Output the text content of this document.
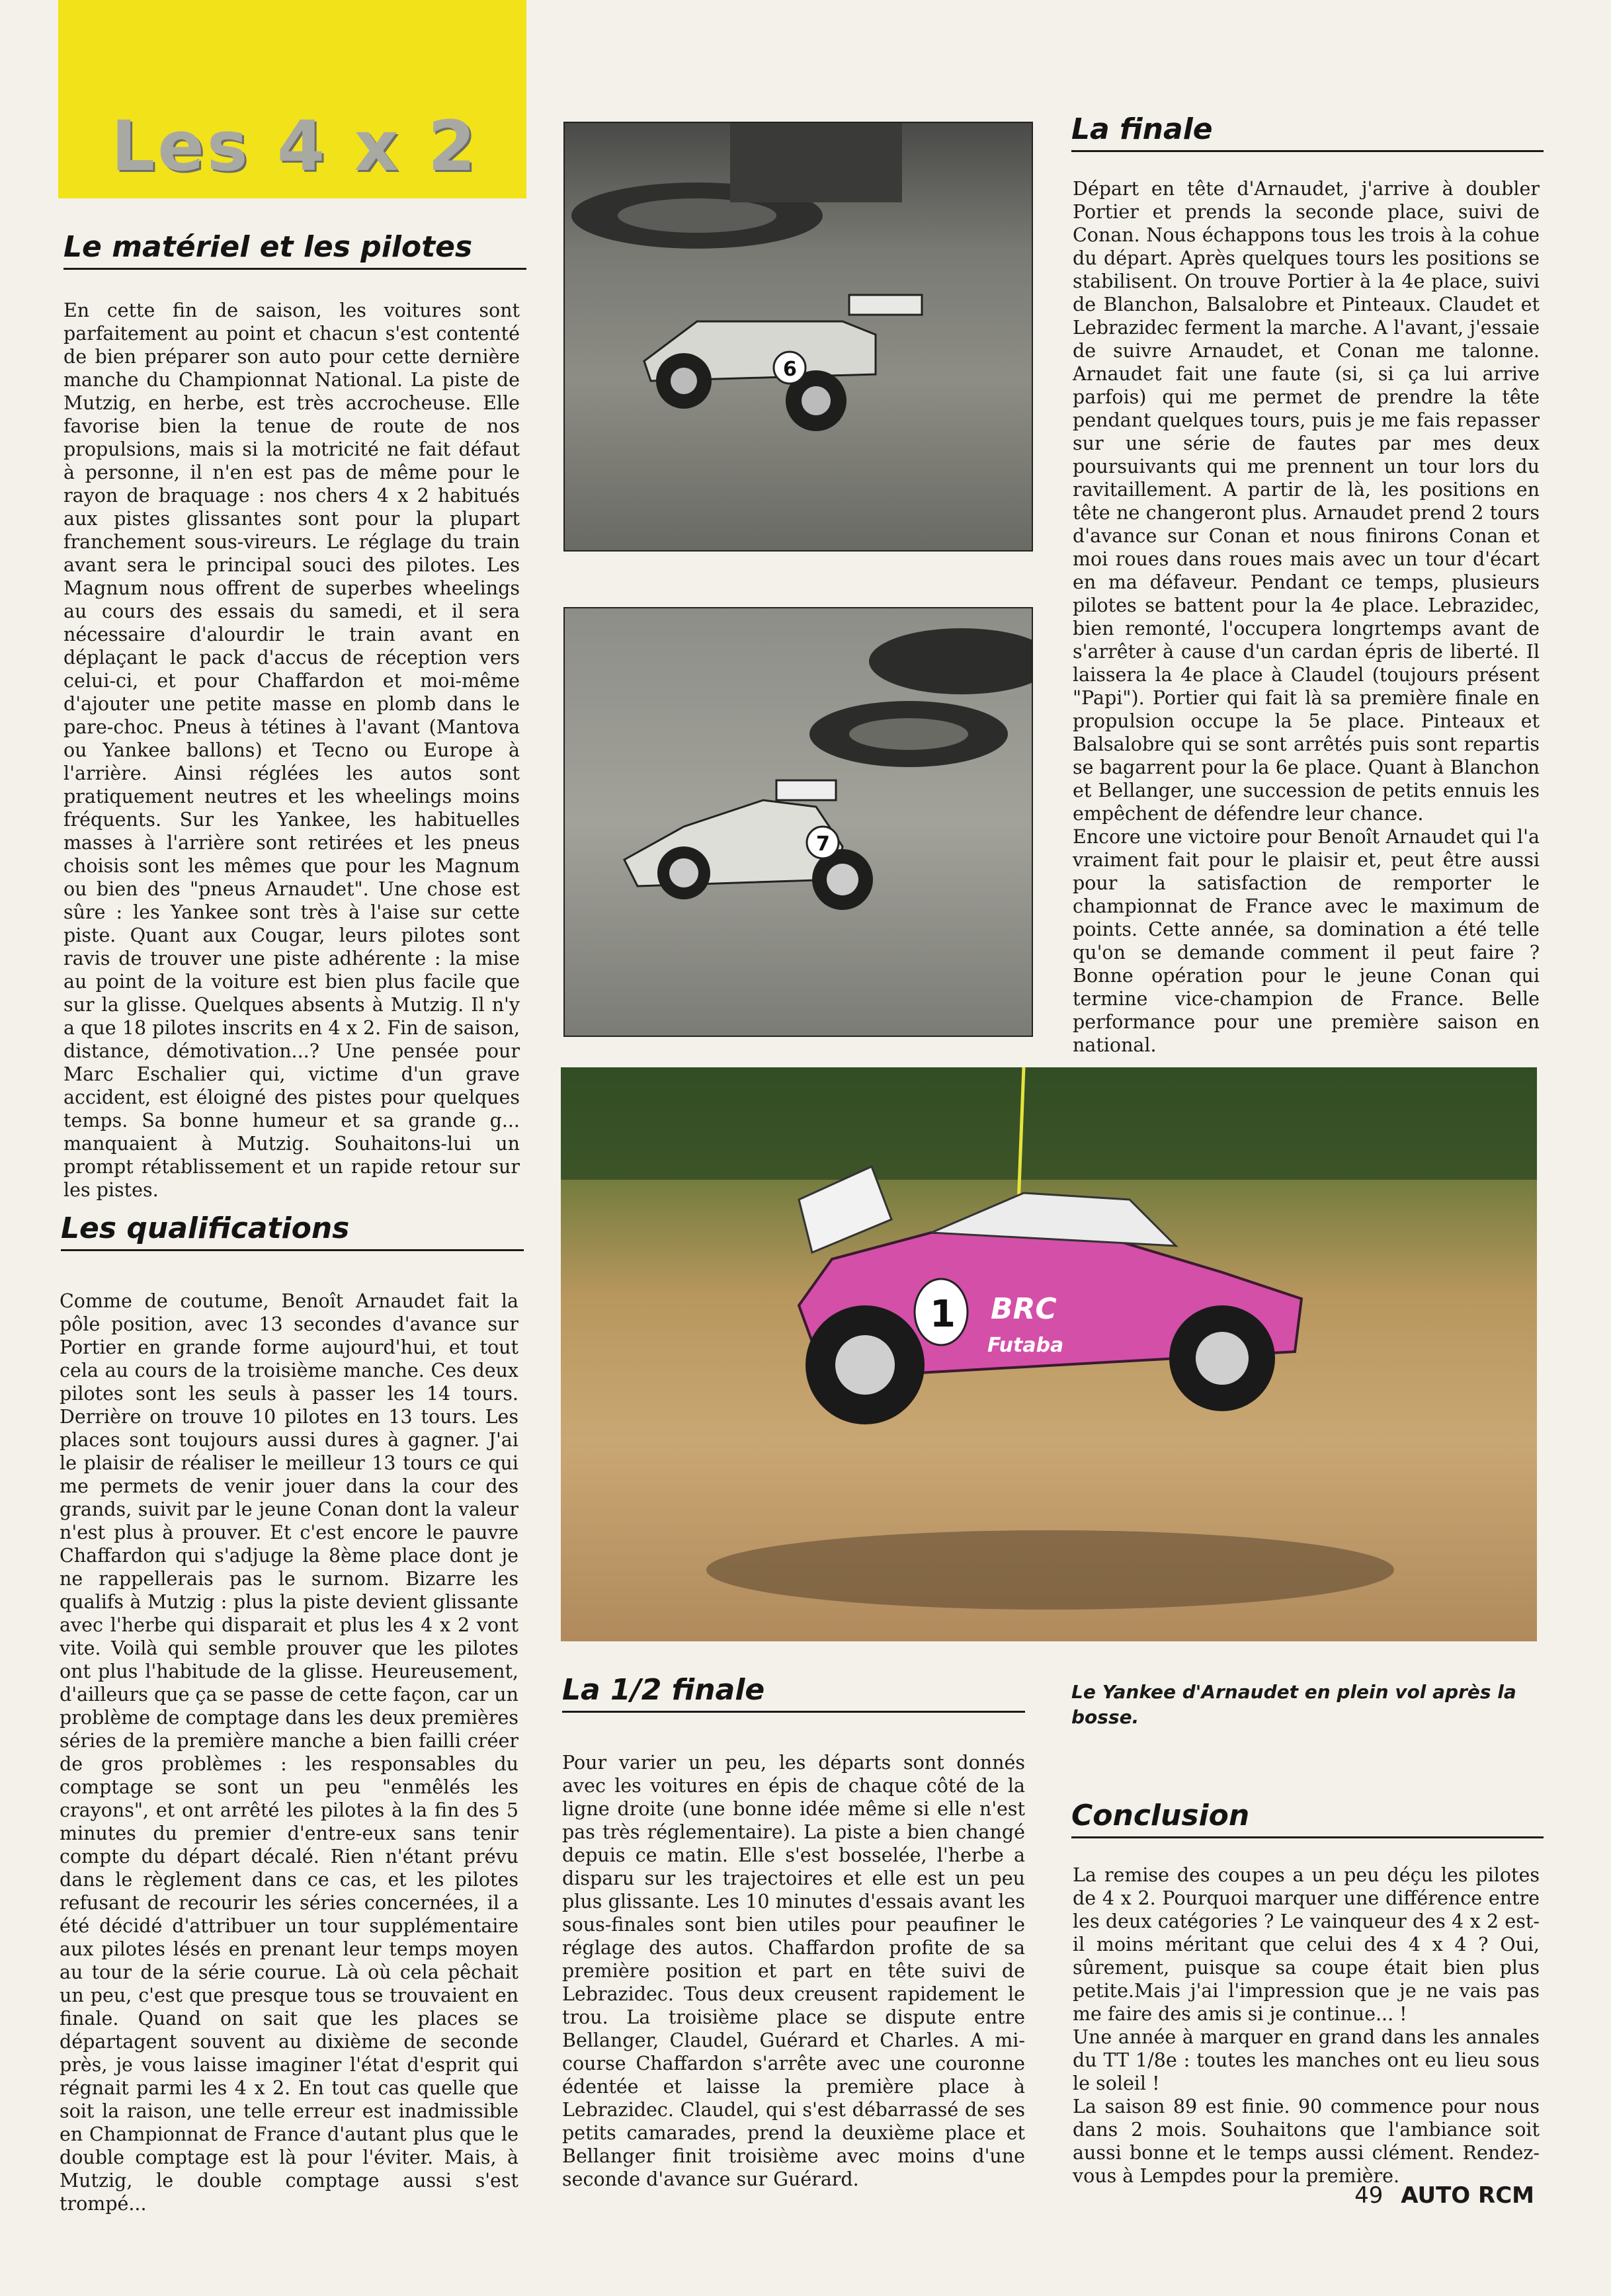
Les 4 x 2
Le matériel et les pilotes

En cette fin de saison, les voitures sont parfaitement au point et chacun s'est contenté de bien préparer son auto pour cette dernière manche du Championnat National. La piste de Mutzig, en herbe, est très accrocheuse. Elle favorise bien la tenue de route de nos propulsions, mais si la motricité ne fait défaut à personne, il n'en est pas de même pour le rayon de braquage : nos chers 4 x 2 habitués aux pistes glissantes sont pour la plupart franchement sous-vireurs. Le réglage du train avant sera le principal souci des pilotes. Les Magnum nous offrent de superbes wheelings au cours des essais du samedi, et il sera nécessaire d'alourdir le train avant en déplaçant le pack d'accus de réception vers celui-ci, et pour Chaffardon et moi-même d'ajouter une petite masse en plomb dans le pare-choc. Pneus à tétines à l'avant (Mantova ou Yankee ballons) et Tecno ou Europe à l'arrière. Ainsi réglées les autos sont pratiquement neutres et les wheelings moins fréquents. Sur les Yankee, les habituelles masses à l'arrière sont retirées et les pneus choisis sont les mêmes que pour les Magnum ou bien des "pneus Arnaudet". Une chose est sûre : les Yankee sont très à l'aise sur cette piste. Quant aux Cougar, leurs pilotes sont ravis de trouver une piste adhérente : la mise au point de la voiture est bien plus facile que sur la glisse. Quelques absents à Mutzig. Il n'y a que 18 pilotes inscrits en 4 x 2. Fin de saison, distance, démotivation...? Une pensée pour Marc Eschalier qui, victime d'un grave accident, est éloigné des pistes pour quelques temps. Sa bonne humeur et sa grande g... manquaient à Mutzig. Souhaitons-lui un prompt rétablissement et un rapide retour sur les pistes.

Les qualifications

Comme de coutume, Benoît Arnaudet fait la pôle position, avec 13 secondes d'avance sur Portier en grande forme aujourd'hui, et tout cela au cours de la troisième manche. Ces deux pilotes sont les seuls à passer les 14 tours. Derrière on trouve 10 pilotes en 13 tours. Les places sont toujours aussi dures à gagner. J'ai le plaisir de réaliser le meilleur 13 tours ce qui me permets de venir jouer dans la cour des grands, suivit par le jeune Conan dont la valeur n'est plus à prouver. Et c'est encore le pauvre Chaffardon qui s'adjuge la 8ème place dont je ne rappellerais pas le surnom. Bizarre les qualifs à Mutzig : plus la piste devient glissante avec l'herbe qui disparait et plus les 4 x 2 vont vite. Voilà qui semble prouver que les pilotes ont plus l'habitude de la glisse. Heureusement, d'ailleurs que ça se passe de cette façon, car un problème de comptage dans les deux premières séries de la première manche a bien failli créer de gros problèmes : les responsables du comptage se sont un peu "enmêlés les crayons", et ont arrêté les pilotes à la fin des 5 minutes du premier d'entre-eux sans tenir compte du départ décalé. Rien n'étant prévu dans le règlement dans ce cas, et les pilotes refusant de recourir les séries concernées, il a été décidé d'attribuer un tour supplémentaire aux pilotes lésés en prenant leur temps moyen au tour de la série courue. Là où cela pêchait un peu, c'est que presque tous se trouvaient en finale. Quand on sait que les places se départagent souvent au dixième de seconde près, je vous laisse imaginer l'état d'esprit qui régnait parmi les 4 x 2. En tout cas quelle que soit la raison, une telle erreur est inadmissible en Championnat de France d'autant plus que le double comptage est là pour l'éviter. Mais, à Mutzig, le double comptage aussi s'est trompé...

6
7
La finale

Départ en tête d'Arnaudet, j'arrive à doubler Portier et prends la seconde place, suivi de Conan. Nous échappons tous les trois à la cohue du départ. Après quelques tours les positions se stabilisent. On trouve Portier à la 4e place, suivi de Blanchon, Balsalobre et Pinteaux. Claudet et Lebrazidec ferment la marche. A l'avant, j'essaie de suivre Arnaudet, et Conan me talonne. Arnaudet fait une faute (si, si ça lui arrive parfois) qui me permet de prendre la tête pendant quelques tours, puis je me fais repasser sur une série de fautes par mes deux poursuivants qui me prennent un tour lors du ravitaillement. A partir de là, les positions en tête ne changeront plus. Arnaudet prend 2 tours d'avance sur Conan et nous finirons Conan et moi roues dans roues mais avec un tour d'écart en ma défaveur. Pendant ce temps, plusieurs pilotes se battent pour la 4e place. Lebrazidec, bien remonté, l'occupera longrtemps avant de s'arrêter à cause d'un cardan épris de liberté. Il laissera la 4e place à Claudel (toujours présent "Papi"). Portier qui fait là sa première finale en propulsion occupe la 5e place. Pinteaux et Balsalobre qui se sont arrêtés puis sont repartis se bagarrent pour la 6e place. Quant à Blanchon et Bellanger, une succession de petits ennuis les empêchent de défendre leur chance.

Encore une victoire pour Benoît Arnaudet qui l'a vraiment fait pour le plaisir et, peut être aussi pour la satisfaction de remporter le championnat de France avec le maximum de points. Cette année, sa domination a été telle qu'on se demande comment il peut faire ? Bonne opération pour le jeune Conan qui termine vice-champion de France. Belle performance pour une première saison en national.

1 BRC
Futaba
La 1/2 finale

Pour varier un peu, les départs sont donnés avec les voitures en épis de chaque côté de la ligne droite (une bonne idée même si elle n'est pas très réglementaire). La piste a bien changé depuis ce matin. Elle s'est bosselée, l'herbe a disparu sur les trajectoires et elle est un peu plus glissante. Les 10 minutes d'essais avant les sous-finales sont bien utiles pour peaufiner le réglage des autos. Chaffardon profite de sa première position et part en tête suivi de Lebrazidec. Tous deux creusent rapidement le trou. La troisième place se dispute entre Bellanger, Claudel, Guérard et Charles. A mi-course Chaffardon s'arrête avec une couronne édentée et laisse la première place à Lebrazidec. Claudel, qui s'est débarrassé de ses petits camarades, prend la deuxième place et Bellanger finit troisième avec moins d'une seconde d'avance sur Guérard.

Le Yankee d'Arnaudet en plein vol après la bosse.
Conclusion

La remise des coupes a un peu déçu les pilotes de 4 x 2. Pourquoi marquer une différence entre les deux catégories ? Le vainqueur des 4 x 2 est-il moins méritant que celui des 4 x 4 ? Oui, sûrement, puisque sa coupe était bien plus petite.Mais j'ai l'impression que je ne vais pas me faire des amis si je continue... !

Une année à marquer en grand dans les annales du TT 1/8e : toutes les manches ont eu lieu sous le soleil !

La saison 89 est finie. 90 commence pour nous dans 2 mois. Souhaitons que l'ambiance soit aussi bonne et le temps aussi clément. Rendez-vous à Lempdes pour la première.

49 AUTO RCM
